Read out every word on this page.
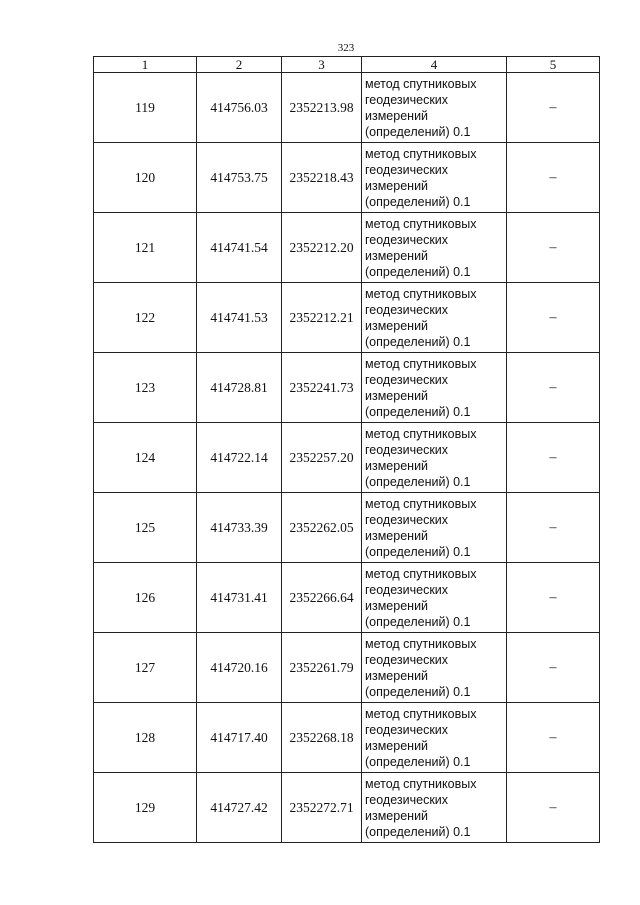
323
1	2	3	4	5
119	414756.03	2352213.98	метод спутниковых
геодезических
измерений
(определений) 0.1	–
120	414753.75	2352218.43	метод спутниковых
геодезических
измерений
(определений) 0.1	–
121	414741.54	2352212.20	метод спутниковых
геодезических
измерений
(определений) 0.1	–
122	414741.53	2352212.21	метод спутниковых
геодезических
измерений
(определений) 0.1	–
123	414728.81	2352241.73	метод спутниковых
геодезических
измерений
(определений) 0.1	–
124	414722.14	2352257.20	метод спутниковых
геодезических
измерений
(определений) 0.1	–
125	414733.39	2352262.05	метод спутниковых
геодезических
измерений
(определений) 0.1	–
126	414731.41	2352266.64	метод спутниковых
геодезических
измерений
(определений) 0.1	–
127	414720.16	2352261.79	метод спутниковых
геодезических
измерений
(определений) 0.1	–
128	414717.40	2352268.18	метод спутниковых
геодезических
измерений
(определений) 0.1	–
129	414727.42	2352272.71	метод спутниковых
геодезических
измерений
(определений) 0.1	–
